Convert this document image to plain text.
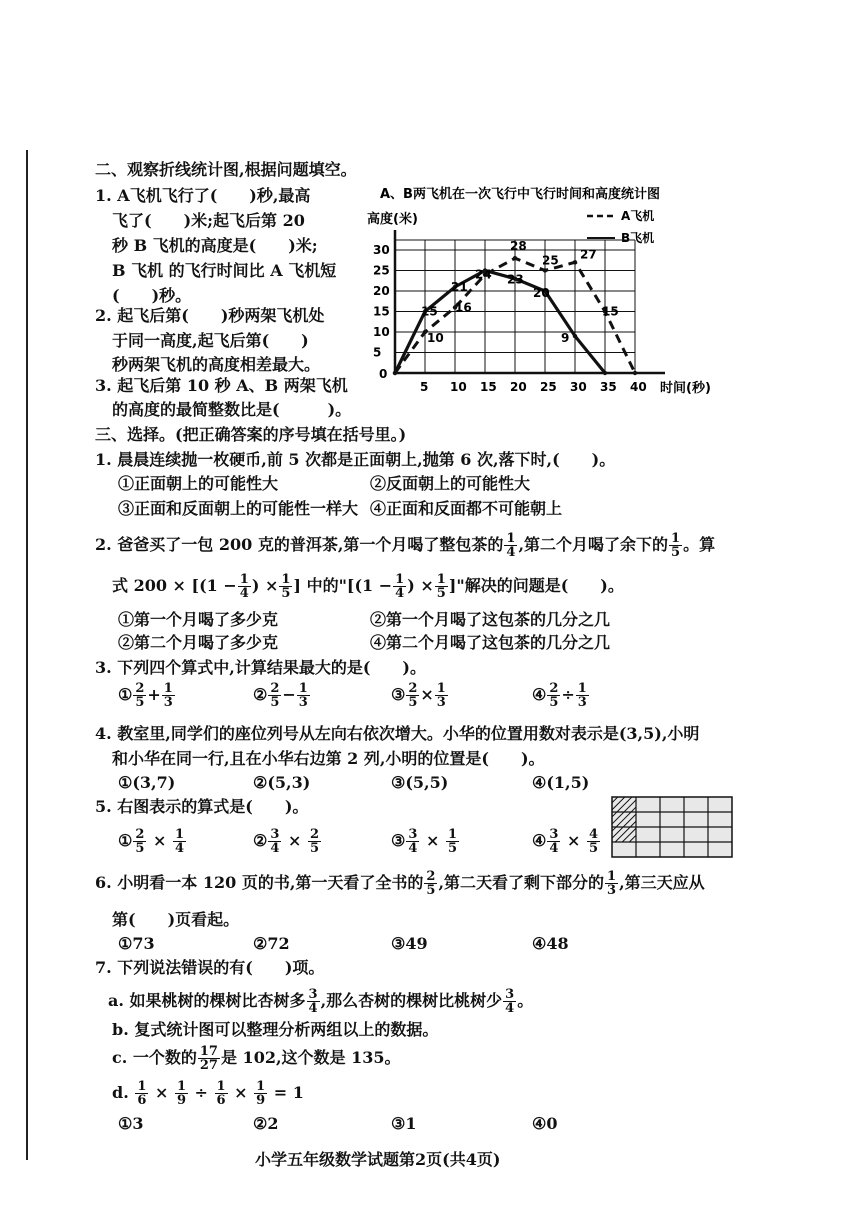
二、观察折线统计图,根据问题填空。
1. A飞机飞行了(　　)秒,最高
飞了(　　)米;起飞后第 20
秒 B 飞机的高度是(　　)米;
B 飞机 的飞行时间比 A 飞机短
(　　)秒。
2. 起飞后第(　　)秒两架飞机处
于同一高度,起飞后第(　　)
秒两架飞机的高度相差最大。
3. 起飞后第 10 秒 A、B 两架飞机
的高度的最简整数比是(　　　)。
A、B两飞机在一次飞行中飞行时间和高度统计图
高度(米)
时间(秒)
A飞机
B飞机
0
5 10 15 20 25 30 35 40
5
10
15
20
25
30	28
25 27
24 23
20
15
16
10	9
15
21
三、选择。(把正确答案的序号填在括号里。)
1. 晨晨连续抛一枚硬币,前 5 次都是正面朝上,抛第 6 次,落下时,(　　)。
①正面朝上的可能性大	②反面朝上的可能性大
③正面和反面朝上的可能性一样大 ④正面和反面都不可能朝上
2. 爸爸买了一包 200 克的普洱茶,第一个月喝了整包茶的 $\frac{1}{4}$ ,第二个月喝了余下的 $\frac{1}{5}$ 。算
式 $200 \times [(1 - \frac{1}{4}$ ) × $\frac{1}{5}$ ] 中的"[($1 - \frac{1}{4}$ ) × $\frac{1}{5}$ ]"解决的问题是(　　)。
①第一个月喝了多少克	②第一个月喝了这包茶的几分之几
②第二个月喝了多少克	④第二个月喝了这包茶的几分之几
3. 下列四个算式中,计算结果最大的是(　　)。
① $\frac{2}{5} + \frac{1}{3}$	② $\frac{2}{5} - \frac{1}{3}$	③ $\frac{2}{5} \times \frac{1}{3}$	④ $\frac{2}{5} \div \frac{1}{3}$
4. 教室里,同学们的座位列号从左向右依次增大。小华的位置用数对表示是(3,5),小明
和小华在同一行,且在小华右边第 2 列,小明的位置是(　　)。
①(3,7)	②(5,3)	③(5,5)	④(1,5)
5. 右图表示的算式是(　　)。
① $\frac{2}{5} \times \frac{1}{4}$	② $\frac{3}{4} \times \frac{2}{5}$	③ $\frac{3}{4} \times \frac{1}{5}$	④ $\frac{3}{4} \times \frac{4}{5}$
6. 小明看一本 120 页的书,第一天看了全书的 $\frac{2}{5}$ ,第二天看了剩下部分的 $\frac{1}{3}$ ,第三天应从
第(　　)页看起。
①73	②72	③49	④48
7. 下列说法错误的有(　　)项。
a. 如果桃树的棵树比杏树多 $\frac{3}{4}$ ,那么杏树的棵树比桃树少 $\frac{3}{4}$ 。
b. 复式统计图可以整理分析两组以上的数据。
c. 一个数的 $\frac{17}{27}$ 是 102,这个数是 135。
d. $\frac{1}{6} \times \frac{1}{9} \div \frac{1}{6} \times \frac{1}{9} = 1$
①3	②2	③1	④0
小学五年级数学试题第2页(共4页)
